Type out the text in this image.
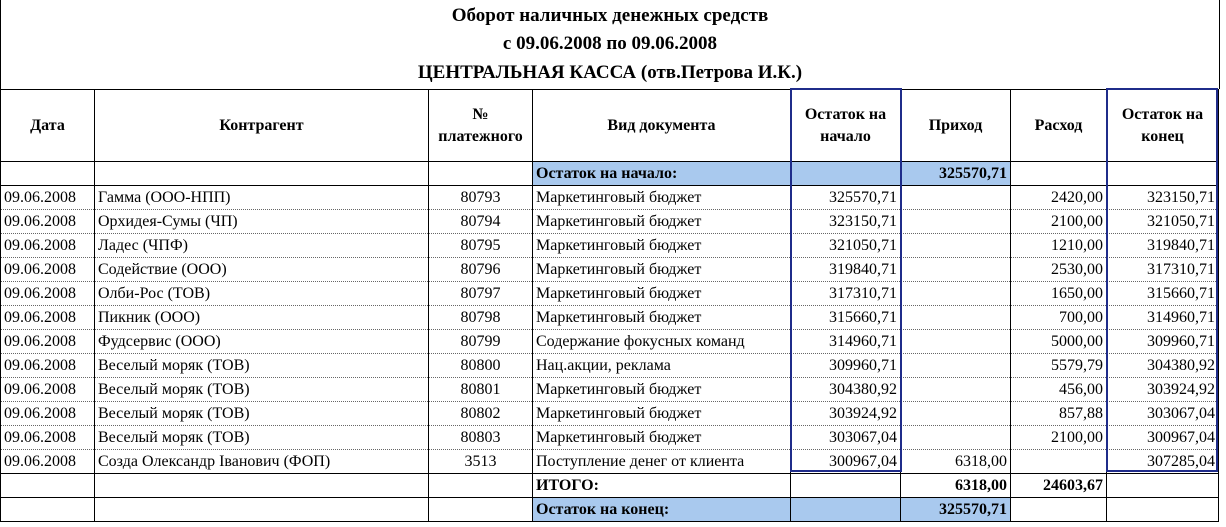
Оборот наличных денежных средств
с 09.06.2008 по 09.06.2008
ЦЕНТРАЛЬНАЯ КАССА (отв.Петрова И.К.)
Дата	Контрагент	№ платежного	Вид документа	Остаток на начало	Приход	Расход	Остаток на конец
			Остаток на начало:		325570,71		
09.06.2008	Гамма (ООО-НПП)	80793	Маркетинговый бюджет	325570,71		2420,00	323150,71
09.06.2008	Орхидея-Сумы (ЧП)	80794	Маркетинговый бюджет	323150,71		2100,00	321050,71
09.06.2008	Ладес (ЧПФ)	80795	Маркетинговый бюджет	321050,71		1210,00	319840,71
09.06.2008	Содействие (ООО)	80796	Маркетинговый бюджет	319840,71		2530,00	317310,71
09.06.2008	Олби-Рос (ТОВ)	80797	Маркетинговый бюджет	317310,71		1650,00	315660,71
09.06.2008	Пикник (ООО)	80798	Маркетинговый бюджет	315660,71		700,00	314960,71
09.06.2008	Фудсервис (ООО)	80799	Содержание фокусных команд	314960,71		5000,00	309960,71
09.06.2008	Веселый моряк (ТОВ)	80800	Нац.акции, реклама	309960,71		5579,79	304380,92
09.06.2008	Веселый моряк (ТОВ)	80801	Маркетинговый бюджет	304380,92		456,00	303924,92
09.06.2008	Веселый моряк (ТОВ)	80802	Маркетинговый бюджет	303924,92		857,88	303067,04
09.06.2008	Веселый моряк (ТОВ)	80803	Маркетинговый бюджет	303067,04		2100,00	300967,04
09.06.2008	Созда Олександр Іванович (ФОП)	3513	Поступление денег от клиента	300967,04	6318,00		307285,04
			ИТОГО:		6318,00	24603,67	
			Остаток на конец:		325570,71		
